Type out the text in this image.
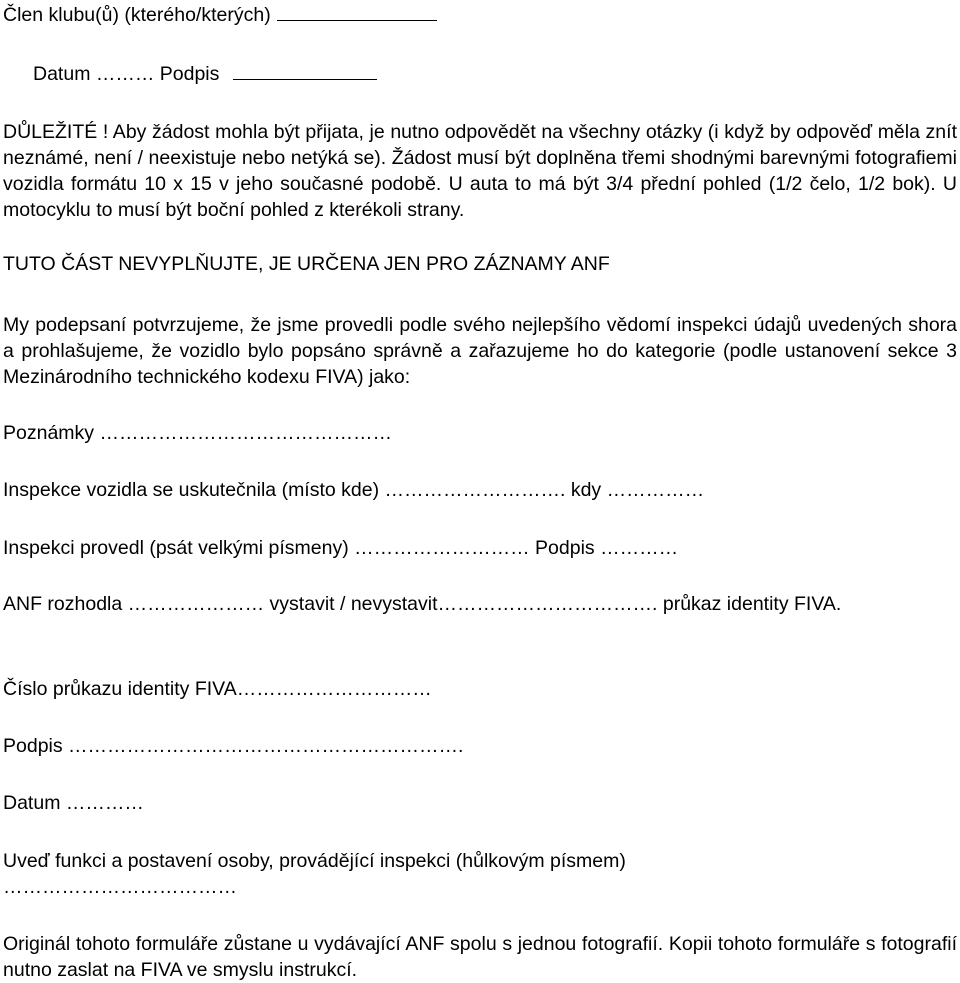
Člen klubu(ů) (kterého/kterých)
Datum ……… Podpis
DŮLEŽITÉ ! Aby žádost mohla být přijata, je nutno odpovědět na všechny otázky (i když by odpověď měla znít neznámé, není / neexistuje nebo netýká se). Žádost musí být doplněna třemi shodnými barevnými fotografiemi vozidla formátu 10 x 15 v jeho současné podobě. U auta to má být 3/4 přední pohled (1/2 čelo, 1/2 bok). U motocyklu to musí být boční pohled z kterékoli strany.
TUTO ČÁST NEVYPLŇUJTE, JE URČENA JEN PRO ZÁZNAMY ANF
My podepsaní potvrzujeme, že jsme provedli podle svého nejlepšího vědomí inspekci údajů uvedených shora a prohlašujeme, že vozidlo bylo popsáno správně a zařazujeme ho do kategorie (podle ustanovení sekce 3 Mezinárodního technického kodexu FIVA) jako:
Poznámky ………………………………………
Inspekce vozidla se uskutečnila (místo kde) ………………………. kdy ……………
Inspekci provedl (psát velkými písmeny) ……………………… Podpis …………
ANF rozhodla ………………… vystavit / nevystavit……………………………. průkaz identity FIVA.
Číslo průkazu identity FIVA…………………………
Podpis …………………………………………………….
Datum …………
Uveď funkci a postavení osoby, provádějící inspekci (hůlkovým písmem)
………………………………
Originál tohoto formuláře zůstane u vydávající ANF spolu s jednou fotografií. Kopii tohoto formuláře s fotografií nutno zaslat na FIVA ve smyslu instrukcí.
